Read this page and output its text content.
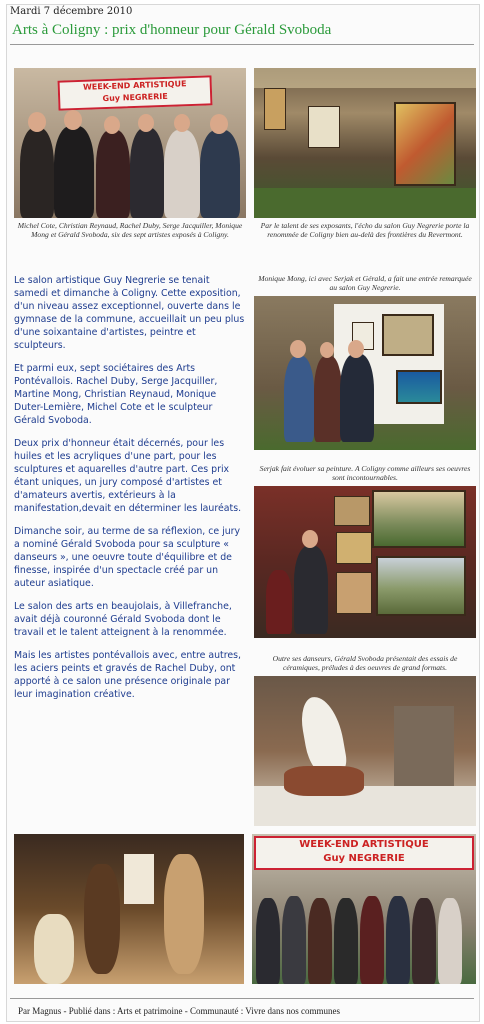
Mardi 7 décembre 2010
Arts à Coligny : prix d'honneur pour Gérald Svoboda
WEEK-END ARTISTIQUE
Guy NEGRERIE
Michel Cote, Christian Reynaud, Rachel Duby, Serge Jacquiller, Monique Mong et Gérald Svoboda, six des sept artistes exposés à Coligny.
Par le talent de ses exposants, l'écho du salon Guy Negrerie porte la renommée de Coligny bien au-delà des frontières du Revermont.

Le salon artistique Guy Negrerie se tenait samedi et dimanche à Coligny. Cette exposition, d'un niveau assez exceptionnel, ouverte dans le gymnase de la commune, accueillait un peu plus d'une soixantaine d'artistes, peintre et sculpteurs.

Et parmi eux, sept sociétaires des Arts Pontévallois. Rachel Duby, Serge Jacquiller, Martine Mong, Christian Reynaud, Monique Duter-Lemière, Michel Cote et le sculpteur Gérald Svoboda.

Deux prix d'honneur était décernés, pour les huiles et les acryliques d'une part, pour les sculptures et aquarelles d'autre part. Ces prix étant uniques, un jury composé d'artistes et d'amateurs avertis, extérieurs à la manifestation,devait en déterminer les lauréats.

Dimanche soir, au terme de sa réflexion, ce jury a nominé Gérald Svoboda pour sa sculpture « danseurs », une oeuvre toute d'équilibre et de finesse, inspirée d'un spectacle créé par un auteur asiatique.

Le salon des arts en beaujolais, à Villefranche, avait déjà couronné Gérald Svoboda dont le travail et le talent atteignent à la renommée.

Mais les artistes pontévallois avec, entre autres, les aciers peints et gravés de Rachel Duby, ont apporté à ce salon une présence originale par leur imagination créative.

Monique Mong, ici avec Serjak et Gérald, a fait une entrée remarquée au salon Guy Negrerie.
Serjak fait évoluer sa peinture. A Coligny comme ailleurs ses oeuvres sont incontournables.
Outre ses danseurs, Gérald Svoboda présentait des essais de céramiques, préludes à des oeuvres de grand formats.
WEEK-END ARTISTIQUE
Guy NEGRERIE
Par Magnus - Publié dans : Arts et patrimoine - Communauté : Vivre dans nos communes
